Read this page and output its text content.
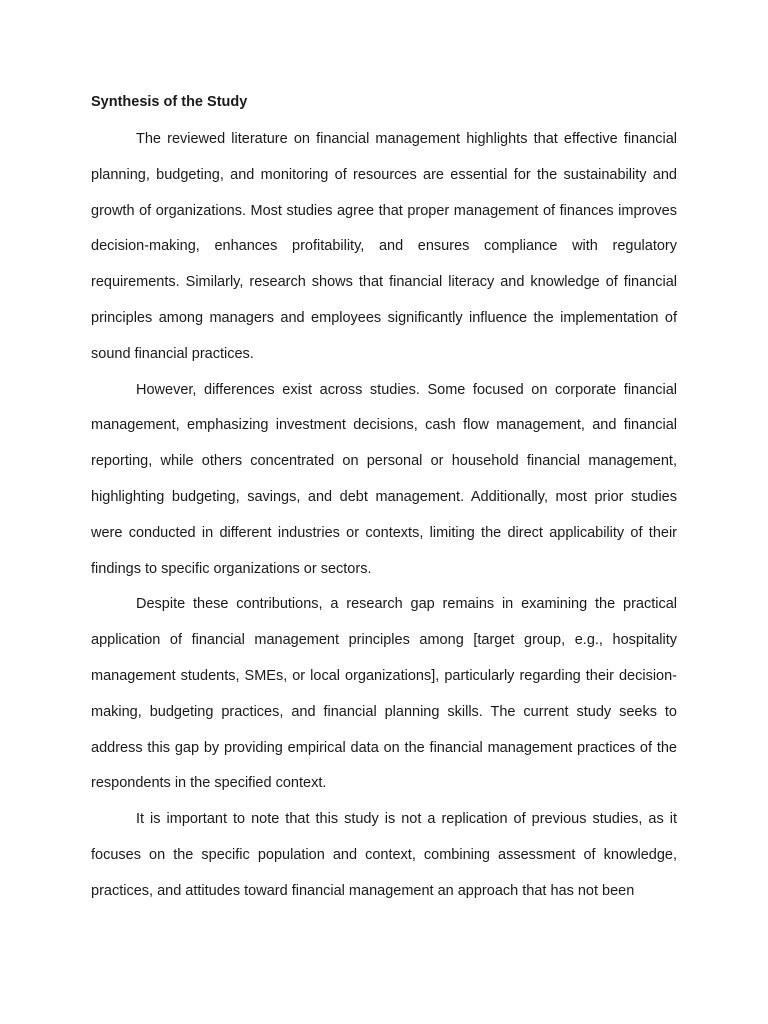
Synthesis of the Study

The reviewed literature on financial management highlights that effective financial planning, budgeting, and monitoring of resources are essential for the sustainability and growth of organizations. Most studies agree that proper management of finances improves decision-making, enhances profitability, and ensures compliance with regulatory requirements. Similarly, research shows that financial literacy and knowledge of financial principles among managers and employees significantly influence the implementation of sound financial practices.

However, differences exist across studies. Some focused on corporate financial management, emphasizing investment decisions, cash flow management, and financial reporting, while others concentrated on personal or household financial management, highlighting budgeting, savings, and debt management. Additionally, most prior studies were conducted in different industries or contexts, limiting the direct applicability of their findings to specific organizations or sectors.

Despite these contributions, a research gap remains in examining the practical application of financial management principles among [target group, e.g., hospitality management students, SMEs, or local organizations], particularly regarding their decision-making, budgeting practices, and financial planning skills. The current study seeks to address this gap by providing empirical data on the financial management practices of the respondents in the specified context.

It is important to note that this study is not a replication of previous studies, as it focuses on the specific population and context, combining assessment of knowledge, practices, and attitudes toward financial management an approach that has not been
